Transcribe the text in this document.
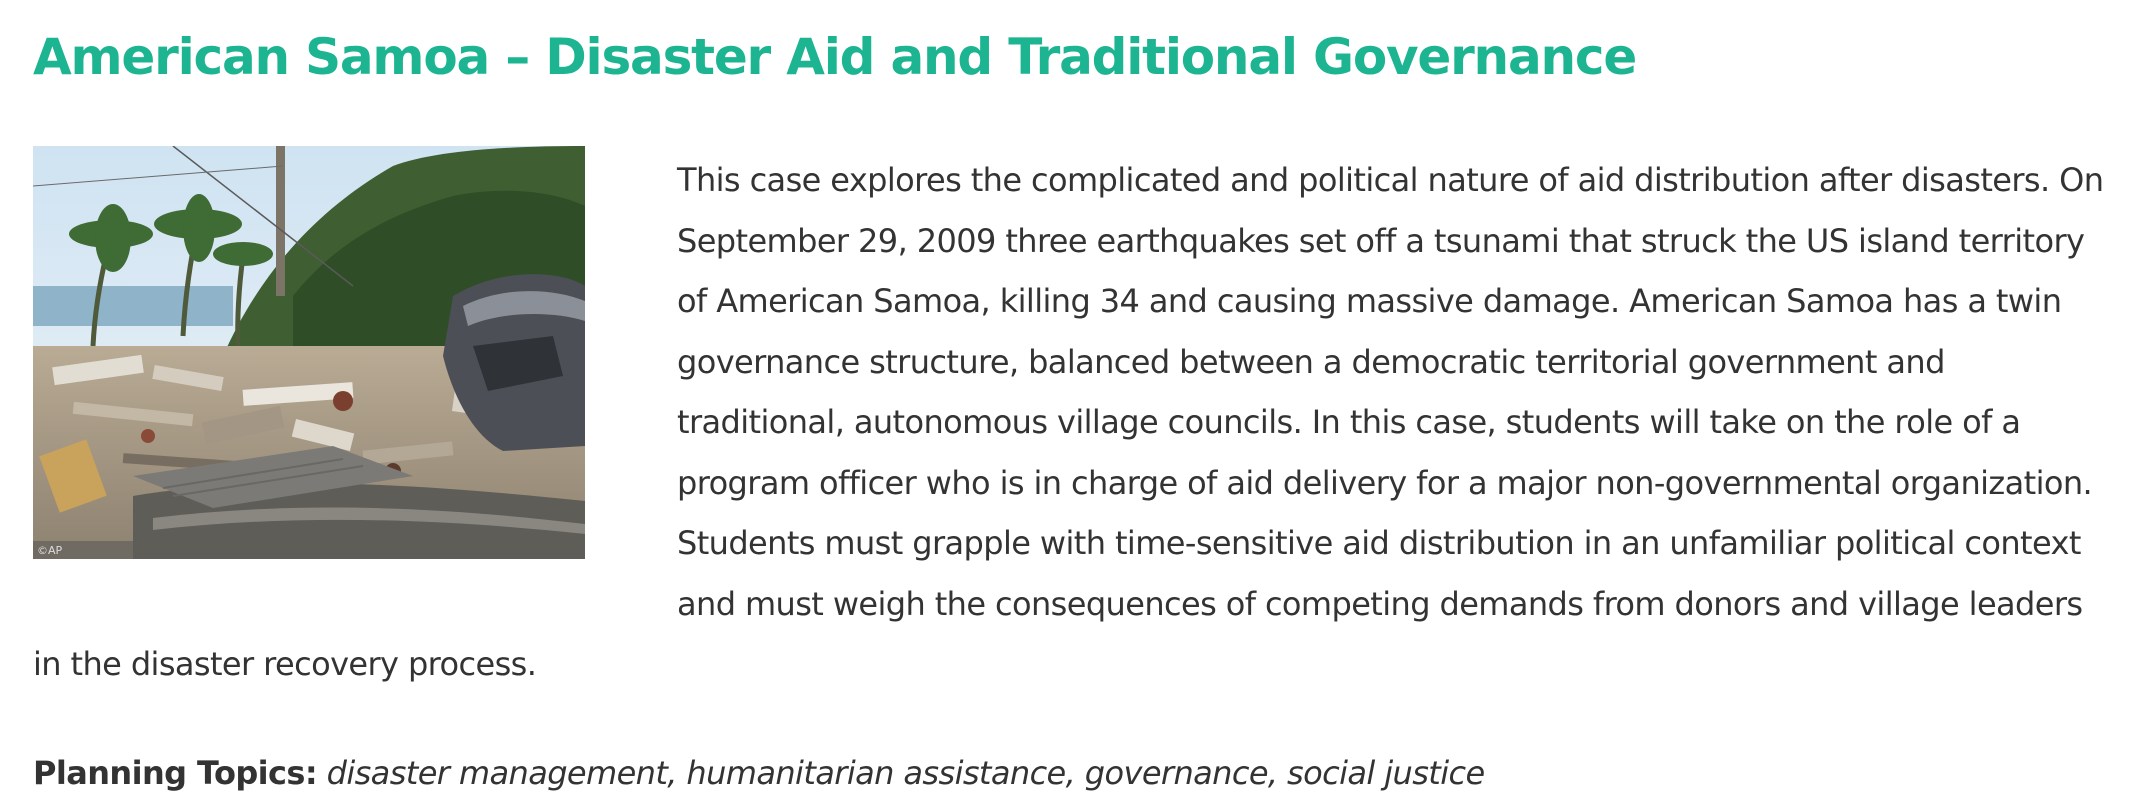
American Samoa – Disaster Aid and Traditional Governance
©AP

This case explores the complicated and political nature of aid distribution after disasters. On September 29, 2009 three earthquakes set off a tsunami that struck the US island territory of American Samoa, killing 34 and causing massive damage. American Samoa has a twin governance structure, balanced between a democratic territorial government and traditional, autonomous village councils. In this case, students will take on the role of a program officer who is in charge of aid delivery for a major non-governmental organization. Students must grapple with time-sensitive aid distribution in an unfamiliar political context and must weigh the consequences of competing demands from donors and village leaders in the disaster recovery process.

Planning Topics: disaster management, humanitarian assistance, governance, social justice
